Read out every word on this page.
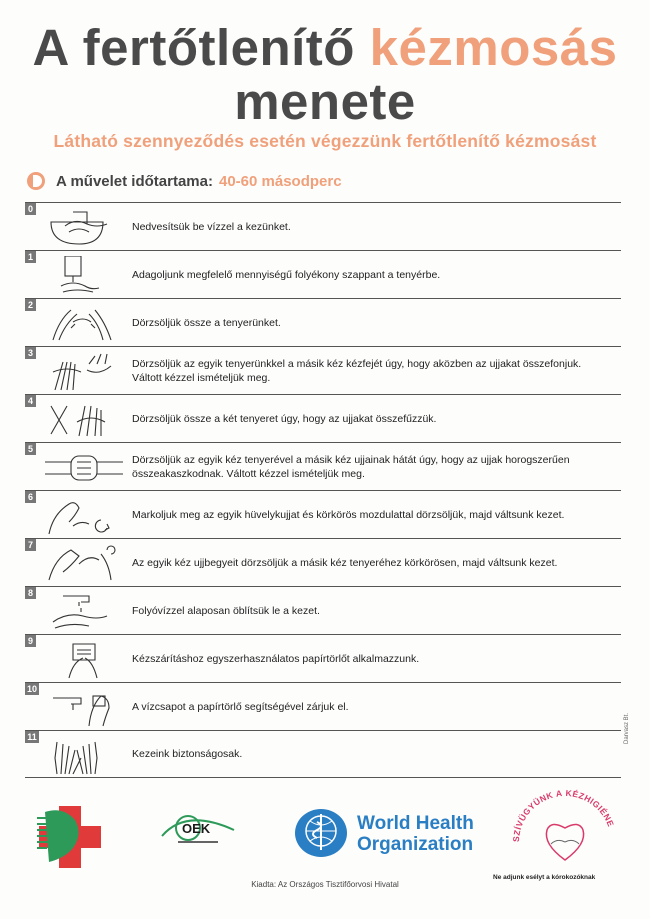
A fertőtlenítő kézmosás
menete
Látható szennyeződés esetén végezzünk fertőtlenítő kézmosást
A művelet időtartama: 40-60 másodperc
0
Nedvesítsük be vízzel a kezünket.
1
Adagoljunk megfelelő mennyiségű folyékony szappant a tenyérbe.
2
Dörzsöljük össze a tenyerünket.
3
Dörzsöljük az egyik tenyerünkkel a másik kéz kézfejét úgy, hogy aközben az ujjakat összefonjuk. Váltott kézzel ismételjük meg.
4
Dörzsöljük össze a két tenyeret úgy, hogy az ujjakat összefűzzük.
5
Dörzsöljük az egyik kéz tenyerével a másik kéz ujjainak hátát úgy, hogy az ujjak horogszerűen összeakaszkodnak. Váltott kézzel ismételjük meg.
6
Markoljuk meg az egyik hüvelykujjat és körkörös mozdulattal dörzsöljük, majd váltsunk kezet.
7
Az egyik kéz ujjbegyeit dörzsöljük a másik kéz tenyeréhez körkörösen, majd váltsunk kezet.
8
Folyóvízzel alaposan öblítsük le a kezet.
9
Kézszárításhoz egyszerhasználatos papírtörlőt alkalmazzunk.
10
A vízcsapot a papírtörlő segítségével zárjuk el.
11
Kezeink biztonságosak.
Darvasz Bt.
OEK	World Health
Organization	SZÍVÜGYÜNK A KÉZHIGIÉNE
Ne adjunk esélyt a kórokozóknak
Kiadta: Az Országos Tisztifőorvosi Hivatal
